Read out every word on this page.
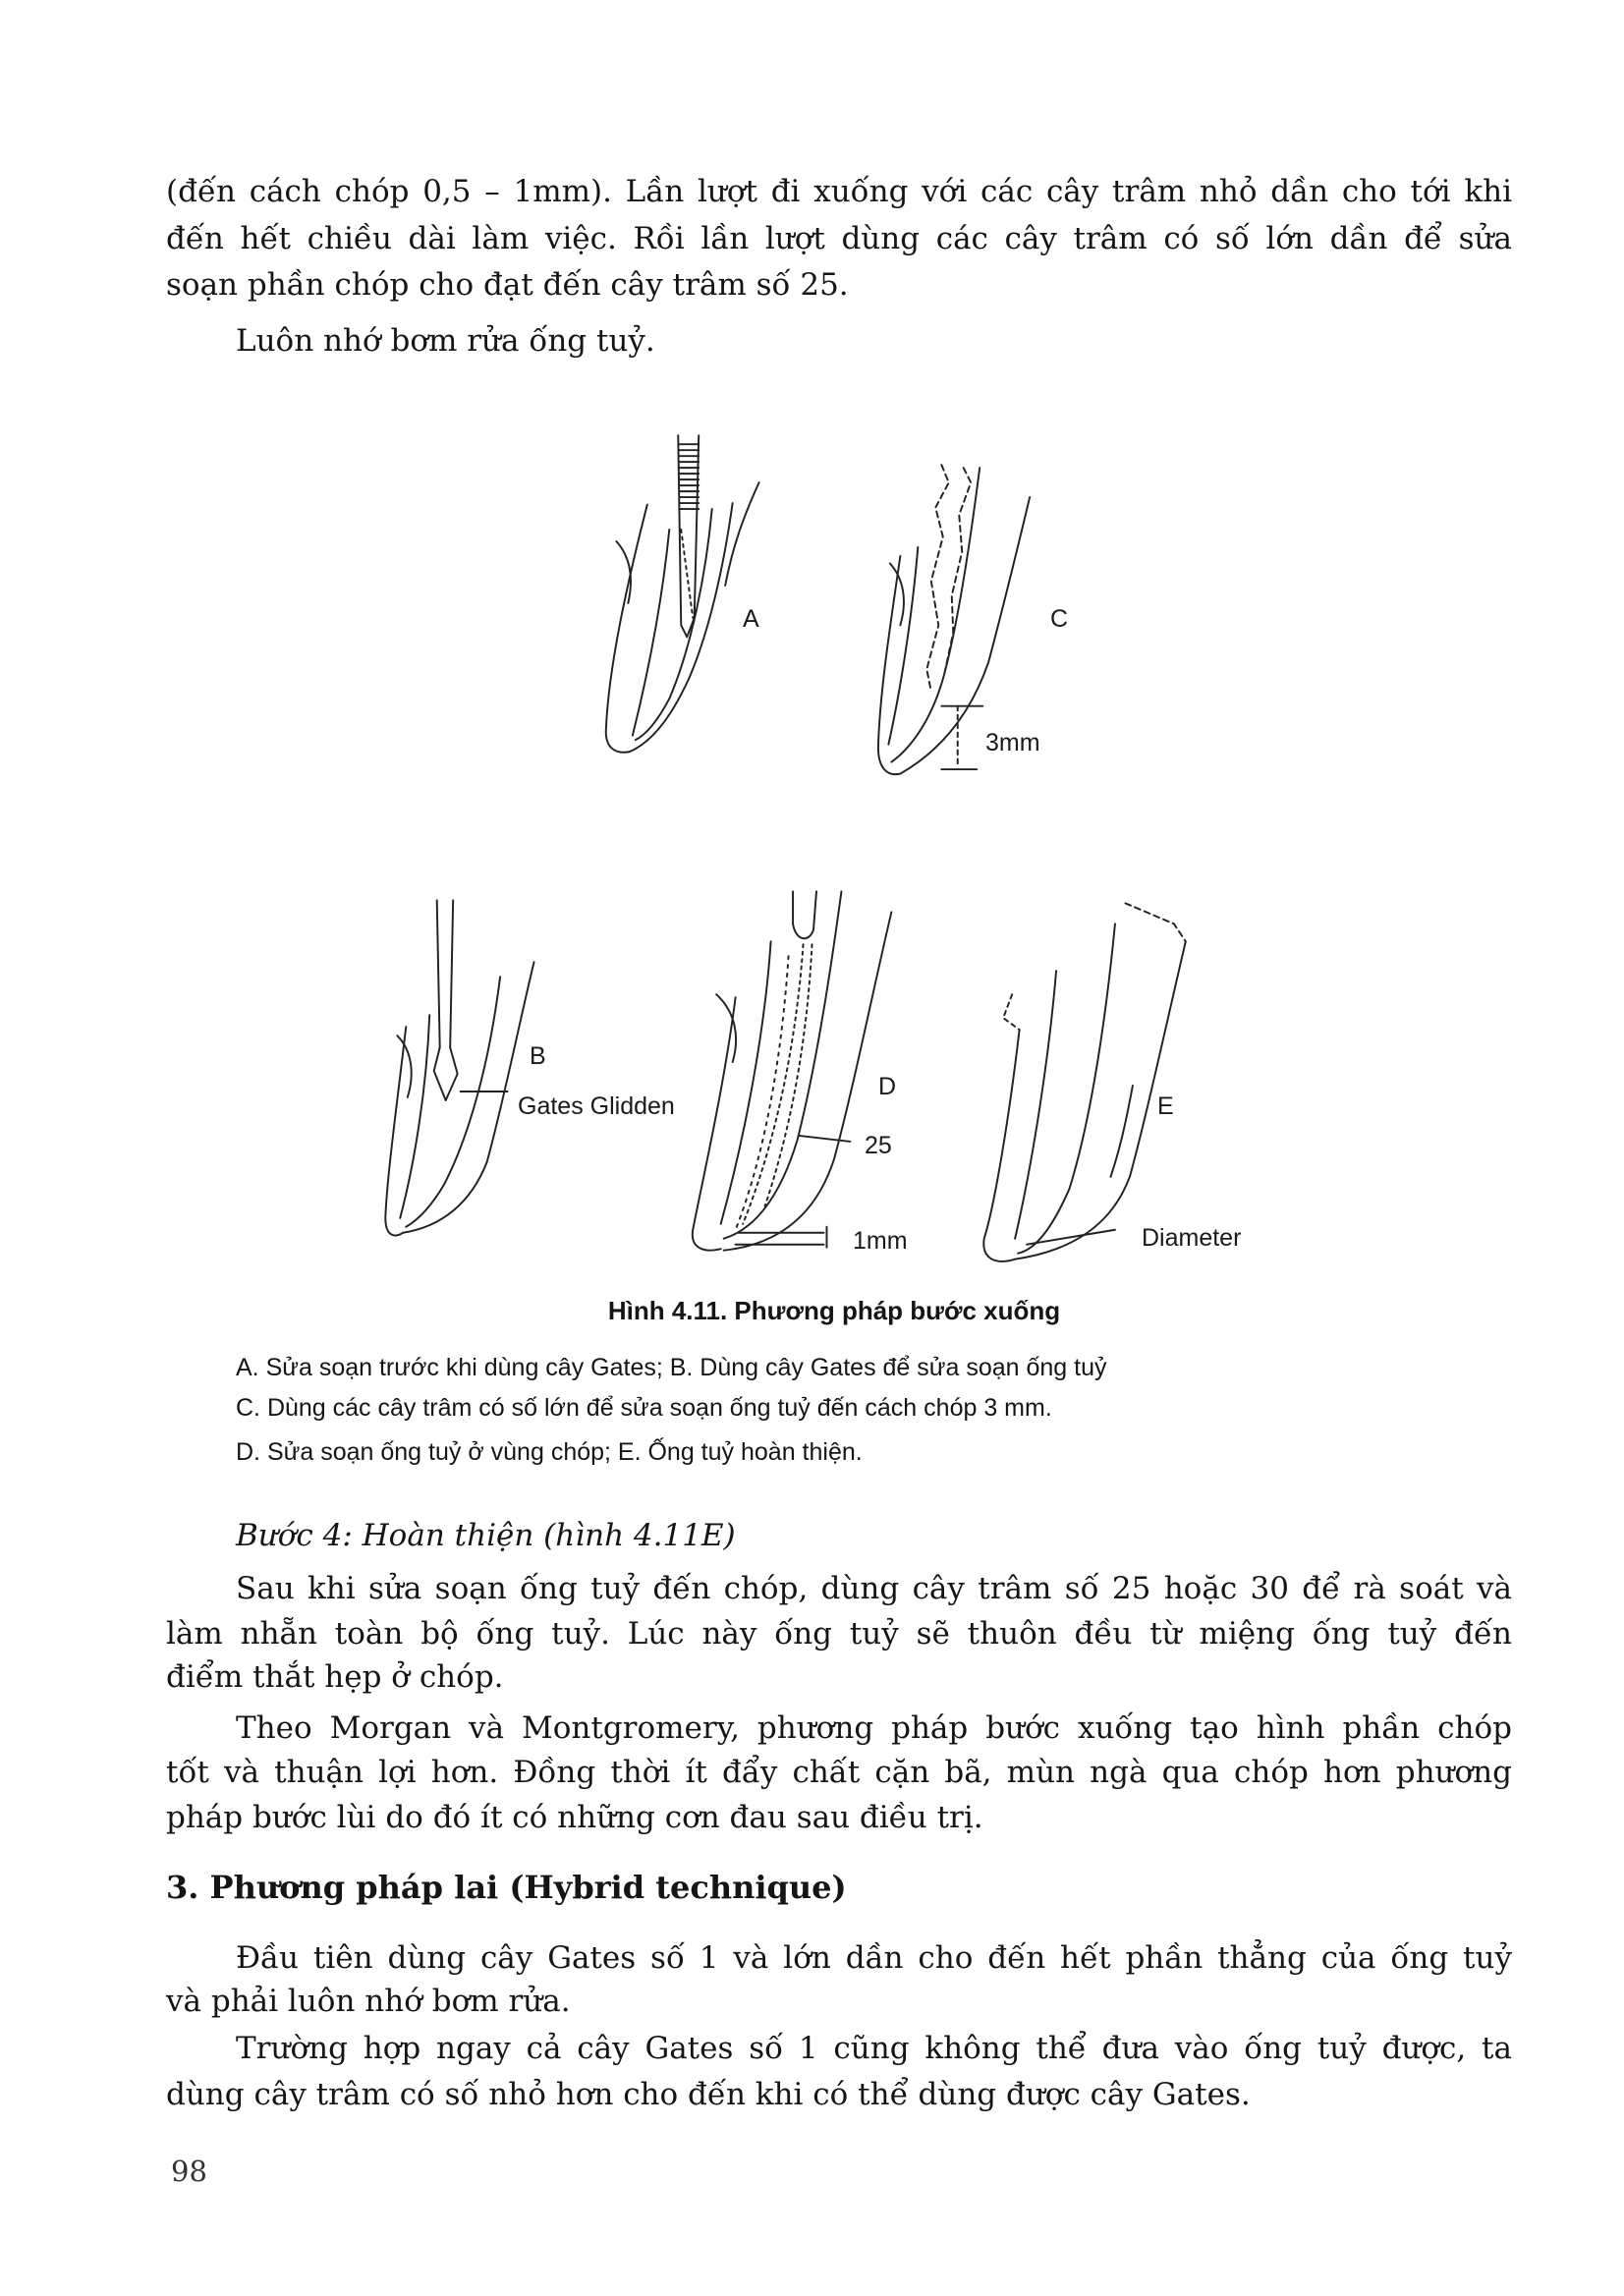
(đến cách chóp 0,5 – 1mm). Lần lượt đi xuống với các cây trâm nhỏ dần cho tới khi
đến hết chiều dài làm việc. Rồi lần lượt dùng các cây trâm có số lớn dần để sửa
soạn phần chóp cho đạt đến cây trâm số 25.
Luôn nhớ bơm rửa ống tuỷ.
A	C
3mm
B
Gates Glidden
D
25
1mm
E
Diameter
Hình 4.11. Phương pháp bước xuống
A. Sửa soạn trước khi dùng cây Gates; B. Dùng cây Gates để sửa soạn ống tuỷ
C. Dùng các cây trâm có số lớn để sửa soạn ống tuỷ đến cách chóp 3 mm.
D. Sửa soạn ống tuỷ ở vùng chóp; E. Ống tuỷ hoàn thiện.
Bước 4: Hoàn thiện (hình 4.11E)
Sau khi sửa soạn ống tuỷ đến chóp, dùng cây trâm số 25 hoặc 30 để rà soát và
làm nhẵn toàn bộ ống tuỷ. Lúc này ống tuỷ sẽ thuôn đều từ miệng ống tuỷ đến
điểm thắt hẹp ở chóp.
Theo Morgan và Montgromery, phương pháp bước xuống tạo hình phần chóp
tốt và thuận lợi hơn. Đồng thời ít đẩy chất cặn bã, mùn ngà qua chóp hơn phương
pháp bước lùi do đó ít có những cơn đau sau điều trị.
3. Phương pháp lai (Hybrid technique)
Đầu tiên dùng cây Gates số 1 và lớn dần cho đến hết phần thẳng của ống tuỷ
và phải luôn nhớ bơm rửa.
Trường hợp ngay cả cây Gates số 1 cũng không thể đưa vào ống tuỷ được, ta
dùng cây trâm có số nhỏ hơn cho đến khi có thể dùng được cây Gates.
98
